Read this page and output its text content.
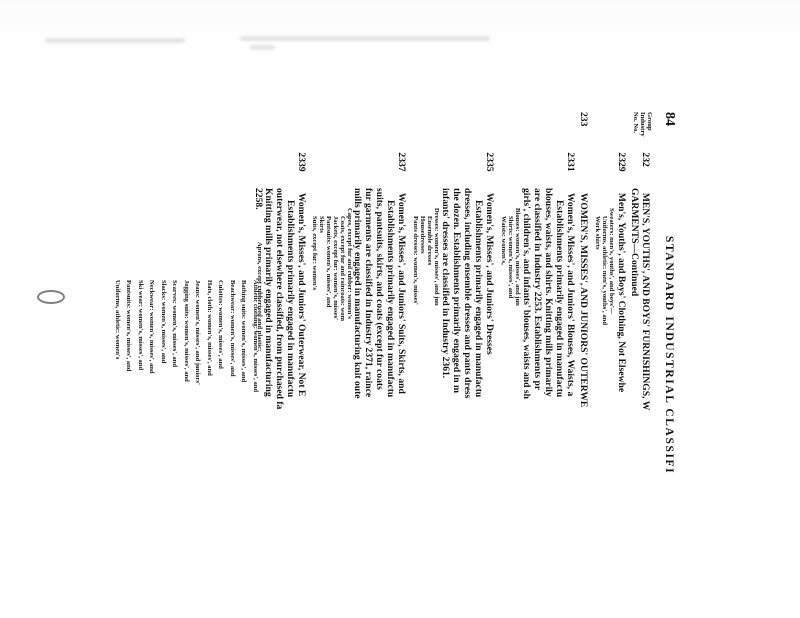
84
STANDARD INDUSTRIAL CLASSIFI
Group Industry No. No.
232 MEN'S, YOUTHS', AND BOYS' FURNISHINGS, W
GARMENTS—Continued
2329 Men's, Youths', and Boys' Clothing, Not Elsewhe
Sweaters: men's, youths', and boys'—
Uniforms, athletic: men's, youths', and
Work shirts
233  WOMEN'S, MISSES', AND JUNIORS' OUTERWE
2331 Women's, Misses', and Juniors' Blouses, Waists, a
Establishments primarily engaged in manufactu
blouses, waists, and shirts. Knitting mills primarily
are classified in Industry 2253. Establishments pr
girls', children's, and infants' blouses, waists and sh
Blouses: women's, misses', and jun
Shirts: women's, misses', and
Waists: women's,
2335 Women's, Misses', and Juniors' Dresses
Establishments primarily engaged in manufactu
dresses, including ensemble dresses and pants dress
the dozen. Establishments primarily engaged in m
infants' dresses are classified in Industry 2361.
Dresses: women's, misses', and jun
Ensemble dresses
Housedresses
Pants dresses: women's, misses'
2337 Women's, Misses', and Juniors' Suits, Skirts, and
Establishments primarily engaged in manufactu
suits, pantsuits, skirts, and coats (except fur coats
fur garments are classified in Industry 2371, raince
mills primarily engaged in manufacturing knit oute
Capes, except fur and rubber: women's
Coats, except fur and raincoats: wom
Jackets, except fur: women's, misses'
Pantsuits: women's, misses', and
Skirts
Suits, except fur: women's
2339 Women's, Misses', and Juniors' Outerwear, Not E
Establishments primarily engaged in manufactu
outerwear, not elsewhere classified, from purchased fa
Knitting mills primarily engaged in manufacturing
2258.
Aprons, except rubberized and plastic:
Athletic clothing: women's, misses', and
Bathing suits: women's, misses', and
Beachwear: women's, misses', and
Culottes: women's, misses', and
Hats, cloth: women's, misses', and
Jeans: women's, misses', and juniors'
Jogging suits: women's, misses', and
Scarves: women's, misses', and
Slacks: women's, misses', and
Neckwear: women's, misses', and
Ski wear: women's, misses', and
Pantsuits: women's, misses', and
Uniforms, athletic: women's
